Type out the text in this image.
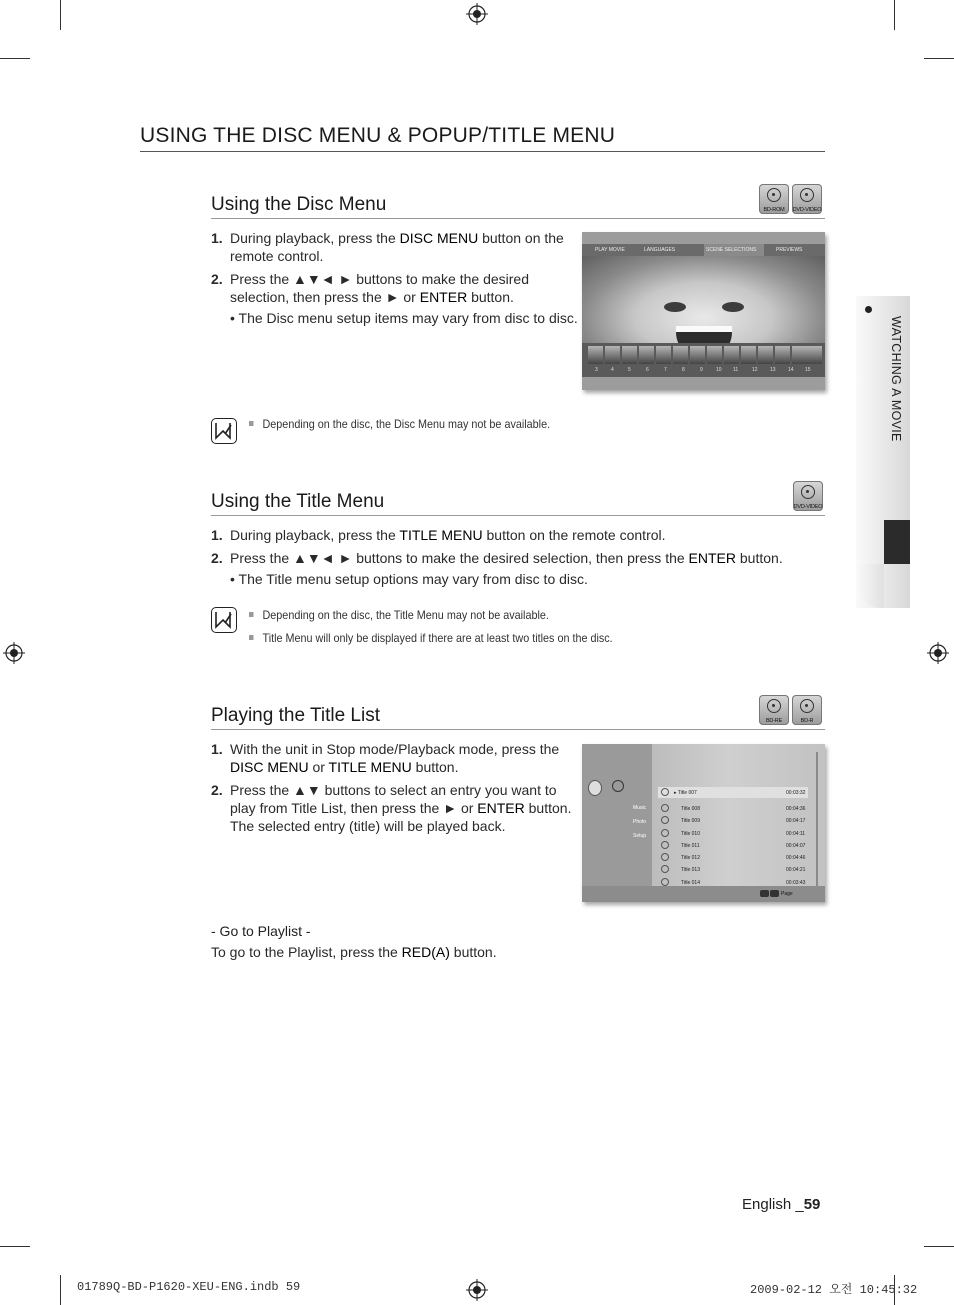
USING THE DISC MENU & POPUP/TITLE MENU
WATCHING A MOVIE
Using the Disc Menu	BD-ROM	DVD-VIDEO
1. During playback, press the DISC MENU button on the
remote control.
2. Press the ▲▼◄ ► buttons to make the desired
selection, then press the ► or ENTER button.
• The Disc menu setup items may vary from disc to disc.
PLAY MOVIE	LANGUAGES	SCENE SELECTIONS	PREVIEWS
3	4	5	6	7	8	9	10 11	12 13 14 15
Depending on the disc, the Disc Menu may not be available.
Using the Title Menu	DVD-VIDEO
1. During playback, press the TITLE MENU button on the remote control.
2. Press the ▲▼◄ ► buttons to make the desired selection, then press the ENTER button.
• The Title menu setup options may vary from disc to disc.
Depending on the disc, the Title Menu may not be available.
Title Menu will only be displayed if there are at least two titles on the disc.
Playing the Title List	BD-RE	BD-R
1. With the unit in Stop mode/Playback mode, press the
DISC MENU or TITLE MENU button.
2. Press the ▲▼ buttons to select an entry you want to
play from Title List, then press the ► or ENTER button.
The selected entry (title) will be played back.
Music
Photo
Setup
▸ Title 007	00:03:32
Title 008	00:04:36
Title 009	00:04:17
Title 010	00:04:11
Title 011	00:04:07
Title 012	00:04:46
Title 013	00:04:21
Title 014	00:03:43
Page
- Go to Playlist -
To go to the Playlist, press the RED(A) button.
English _59
01789Q-BD-P1620-XEU-ENG.indb 59	2009-02-12 오전 10:45:32
